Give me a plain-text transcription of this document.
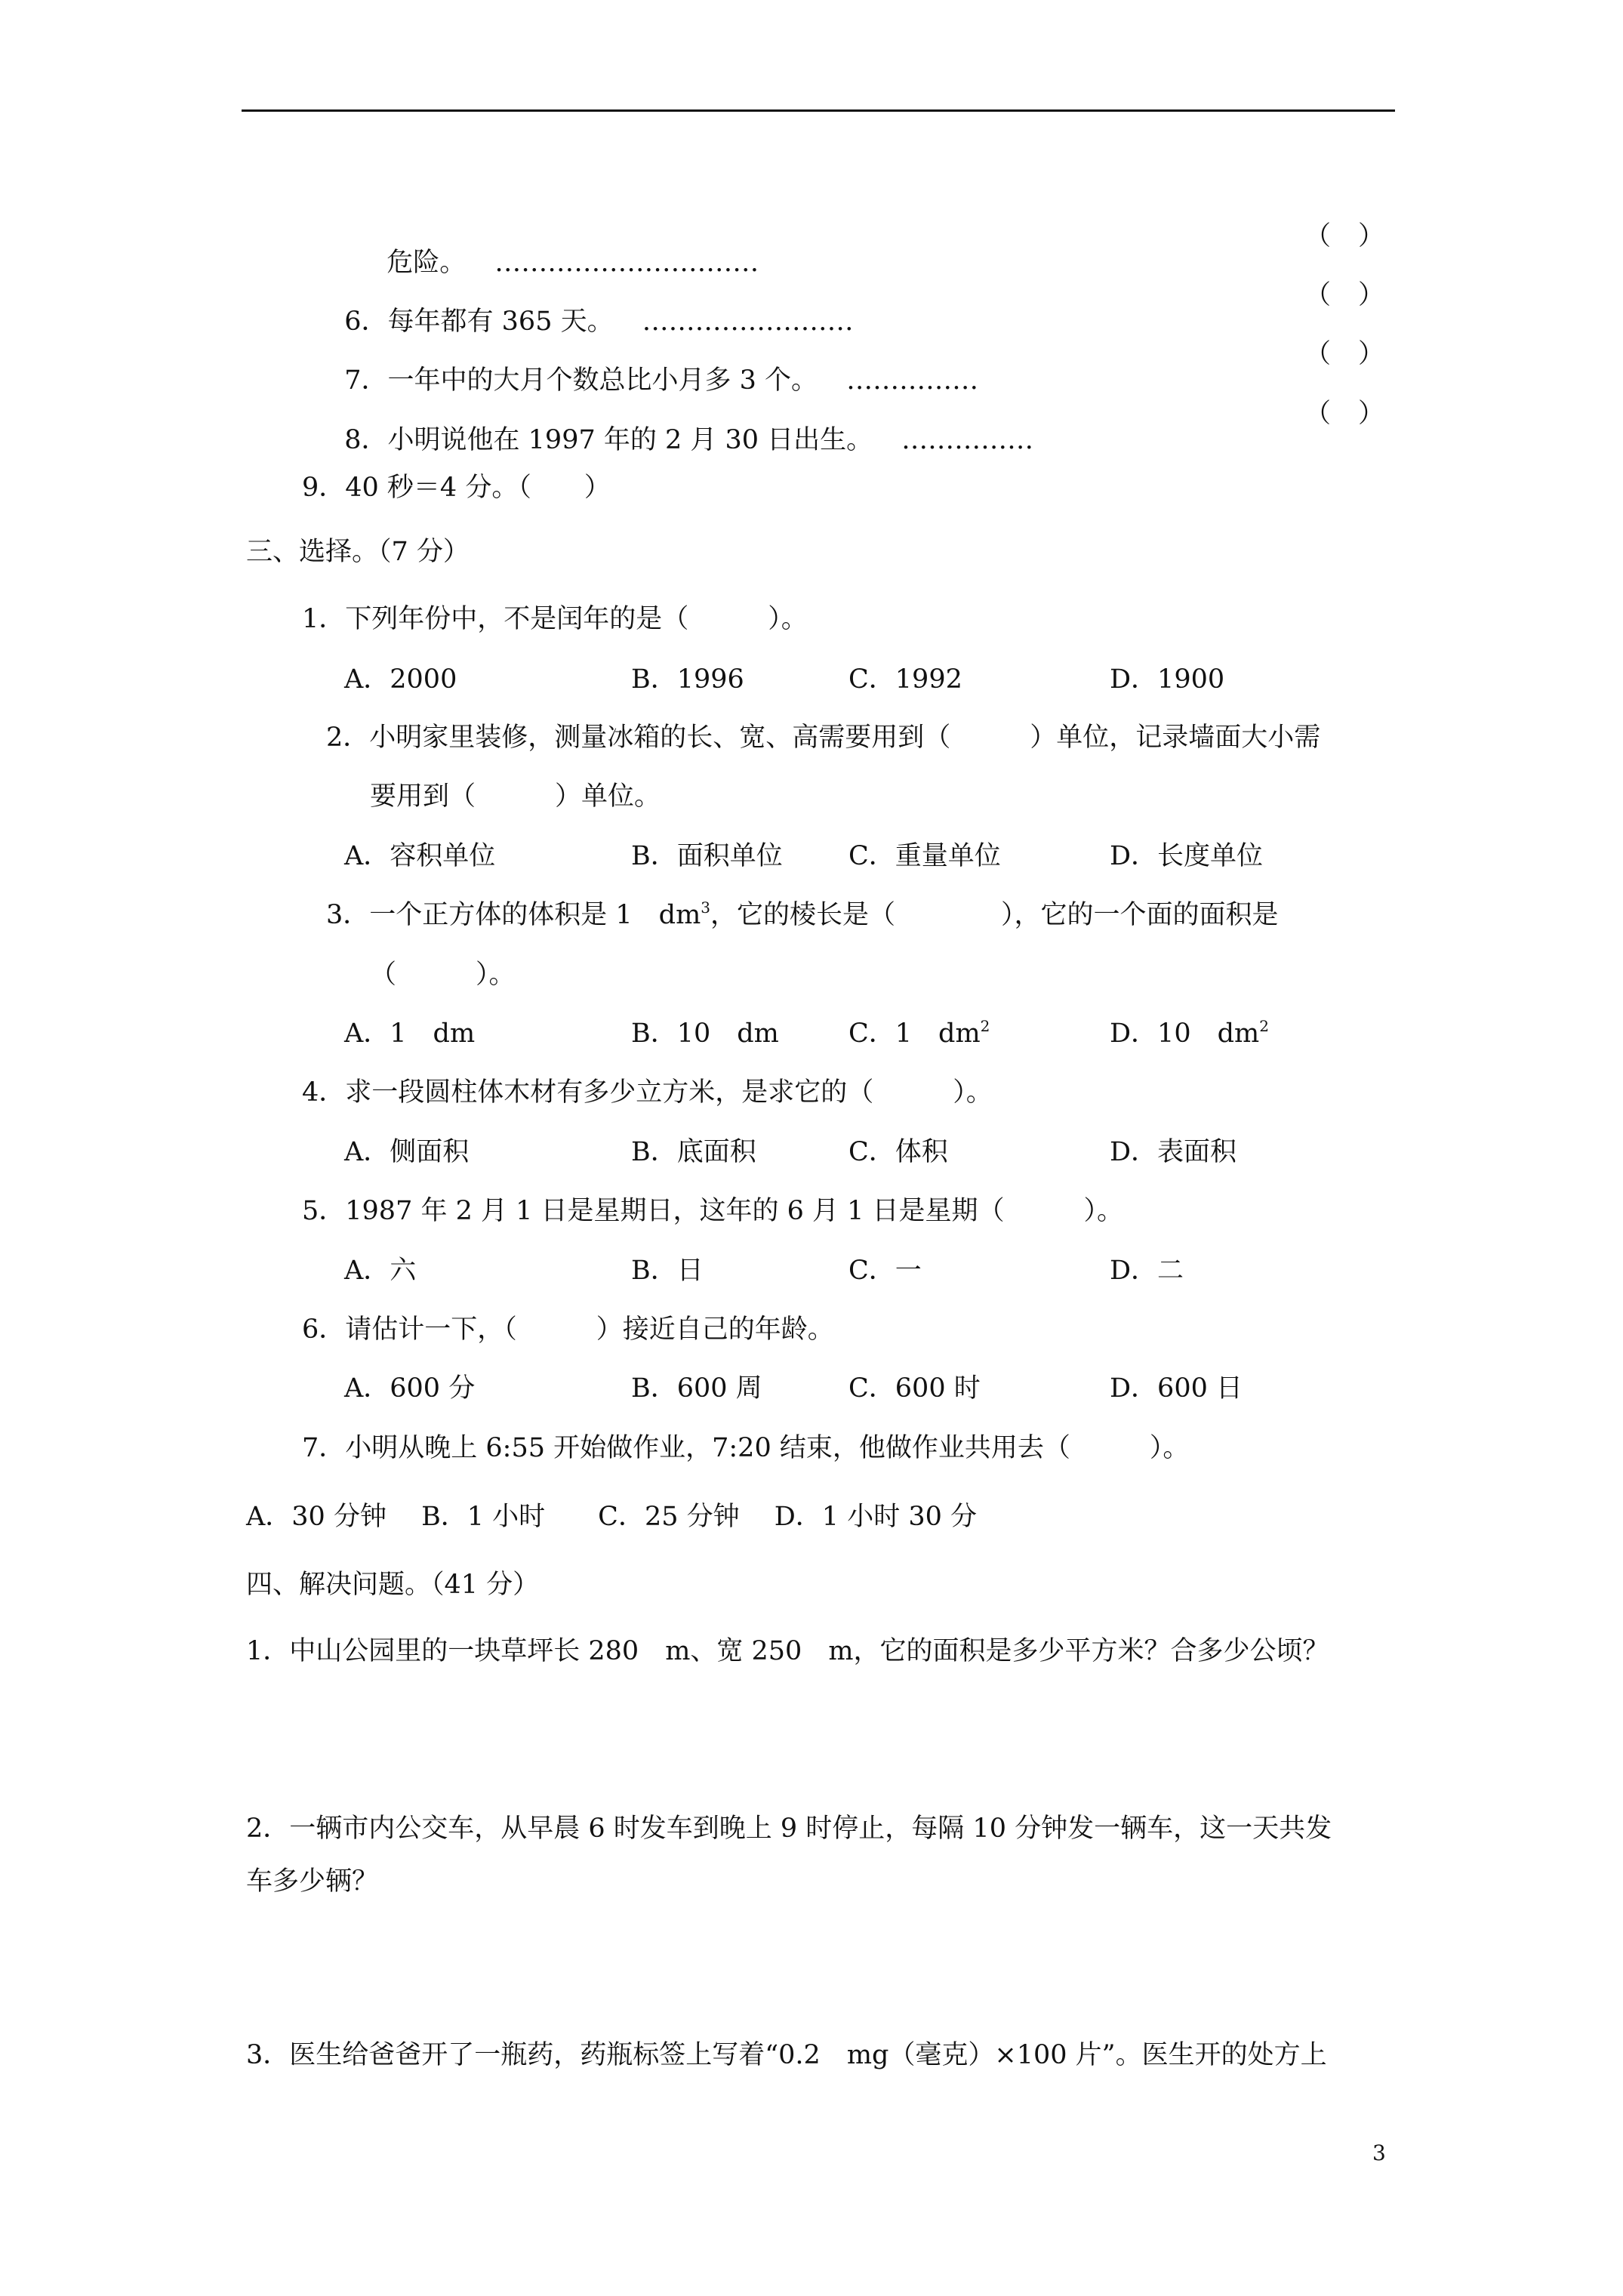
危险。 …………………………

（ ）

6．每年都有 365 天。 ……………………

（ ）

7．一年中的大月个数总比小月多 3 个。 ……………

（ ）

8．小明说他在 1997 年的 2 月 30 日出生。 ……………

（ ）
9．40 秒＝4 分。（　　）
三、选择。（7 分）
1．下列年份中，不是闰年的是（　　　）。
A．2000	B．1996	C．1992	D．1900
2．小明家里装修，测量冰箱的长、宽、高需要用到（　　　）单位，记录墙面大小需
要用到（　　　）单位。
A．容积单位	B．面积单位 C．重量单位	D．长度单位
3．一个正方体的体积是 1　$dm^3$，它的棱长是（　　　　），它的一个面的面积是
（　　　）。
A．1　dm	B．10　dm	C．1　$dm^2$	D．10　$dm^2$
4．求一段圆柱体木材有多少立方米，是求它的（　　　）。
A．侧面积	B．底面积	C．体积	D．表面积
5．1987 年 2 月 1 日是星期日，这年的 6 月 1 日是星期（　　　）。
A．六	B．日	C．一	D．二
6．请估计一下，（　　　）接近自己的年龄。
A．600 分	B．600 周	C．600 时	D．600 日
7．小明从晚上 6:55 开始做作业，7:20 结束，他做作业共用去（　　　）。
A．30 分钟　 B．1 小时　　C．25 分钟　 D．1 小时 30 分
四、解决问题。（41 分）
1．中山公园里的一块草坪长 280　m、宽 250　m，它的面积是多少平方米？合多少公顷？
2．一辆市内公交车，从早晨 6 时发车到晚上 9 时停止，每隔 10 分钟发一辆车，这一天共发
车多少辆？
3．医生给爸爸开了一瓶药，药瓶标签上写着“0.2　mg（毫克）×100 片”。医生开的处方上
3
